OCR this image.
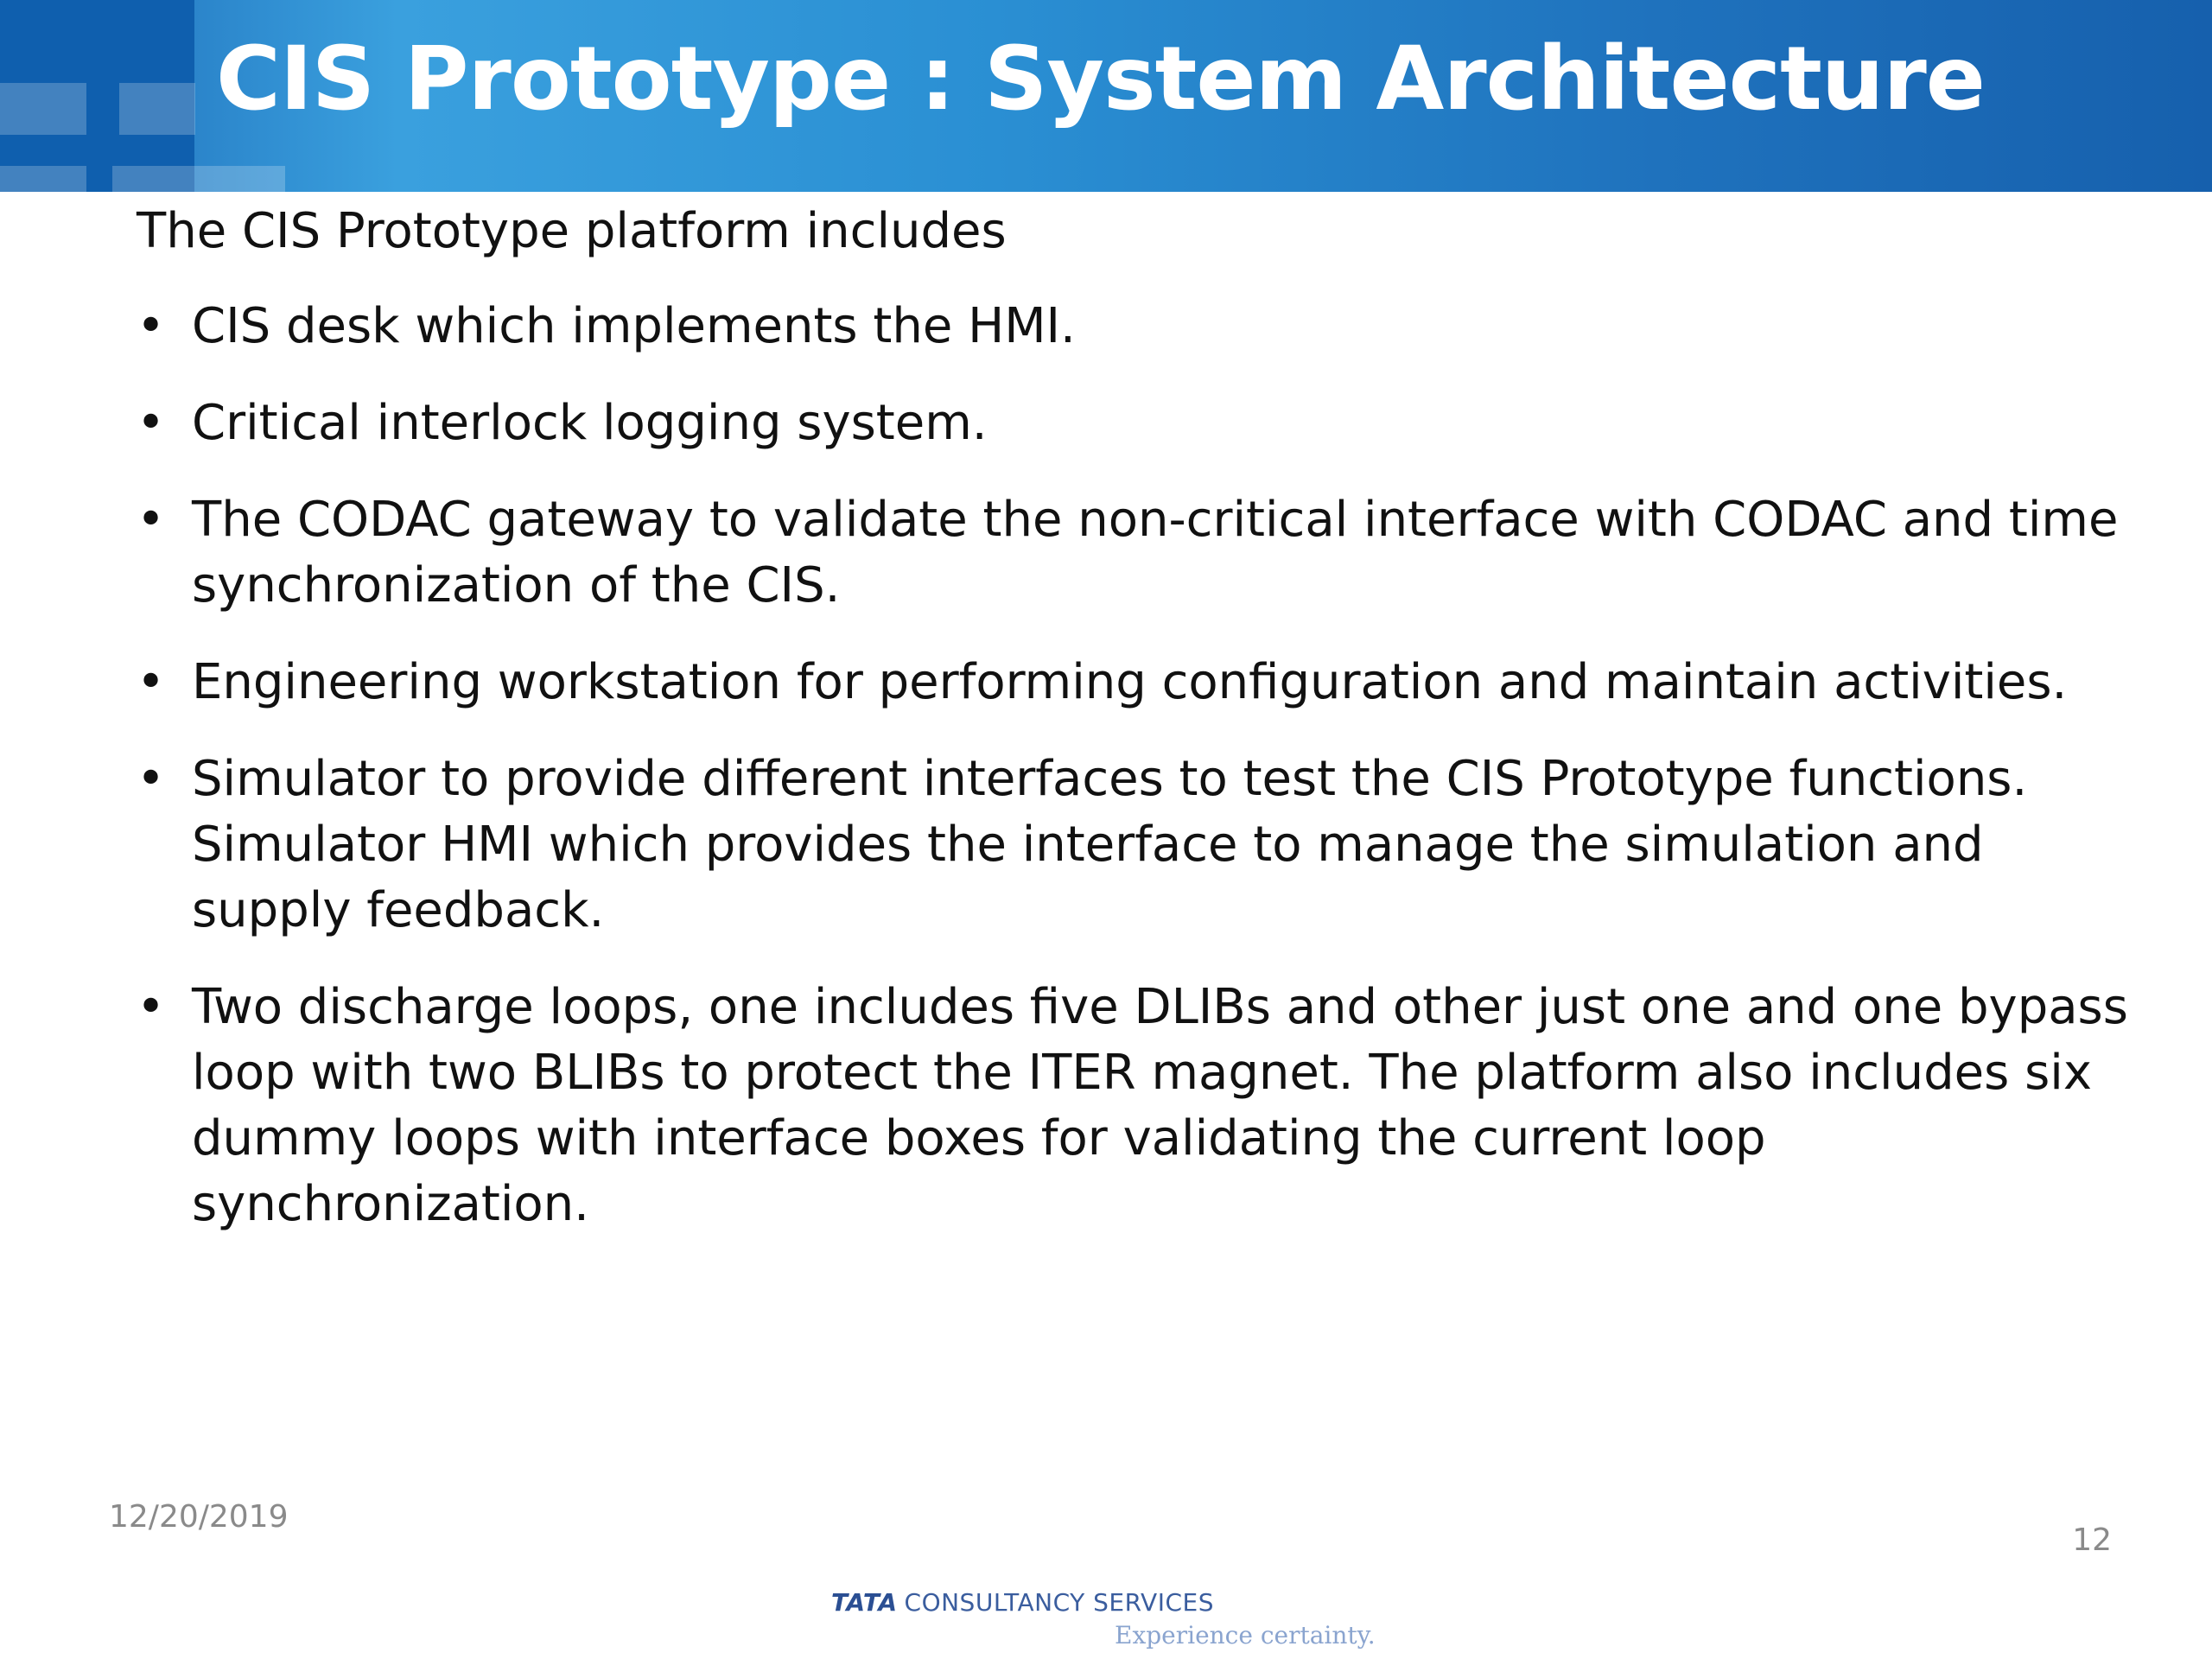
CIS Prototype : System Architecture

The CIS Prototype platform includes

• CIS desk which implements the HMI.
• Critical interlock logging system.
• The CODAC gateway to validate the non-critical interface with CODAC and time synchronization of the CIS.
• Engineering workstation for performing configuration and maintain activities.
• Simulator to provide different interfaces to test the CIS Prototype functions. Simulator HMI which provides the interface to manage the simulation and supply feedback.
• Two discharge loops, one includes five DLIBs and other just one and one bypass loop with two BLIBs to protect the ITER magnet. The platform also includes six dummy loops with interface boxes for validating the current loop synchronization.
12/20/2019
12
TATA CONSULTANCY SERVICES
Experience certainty.
